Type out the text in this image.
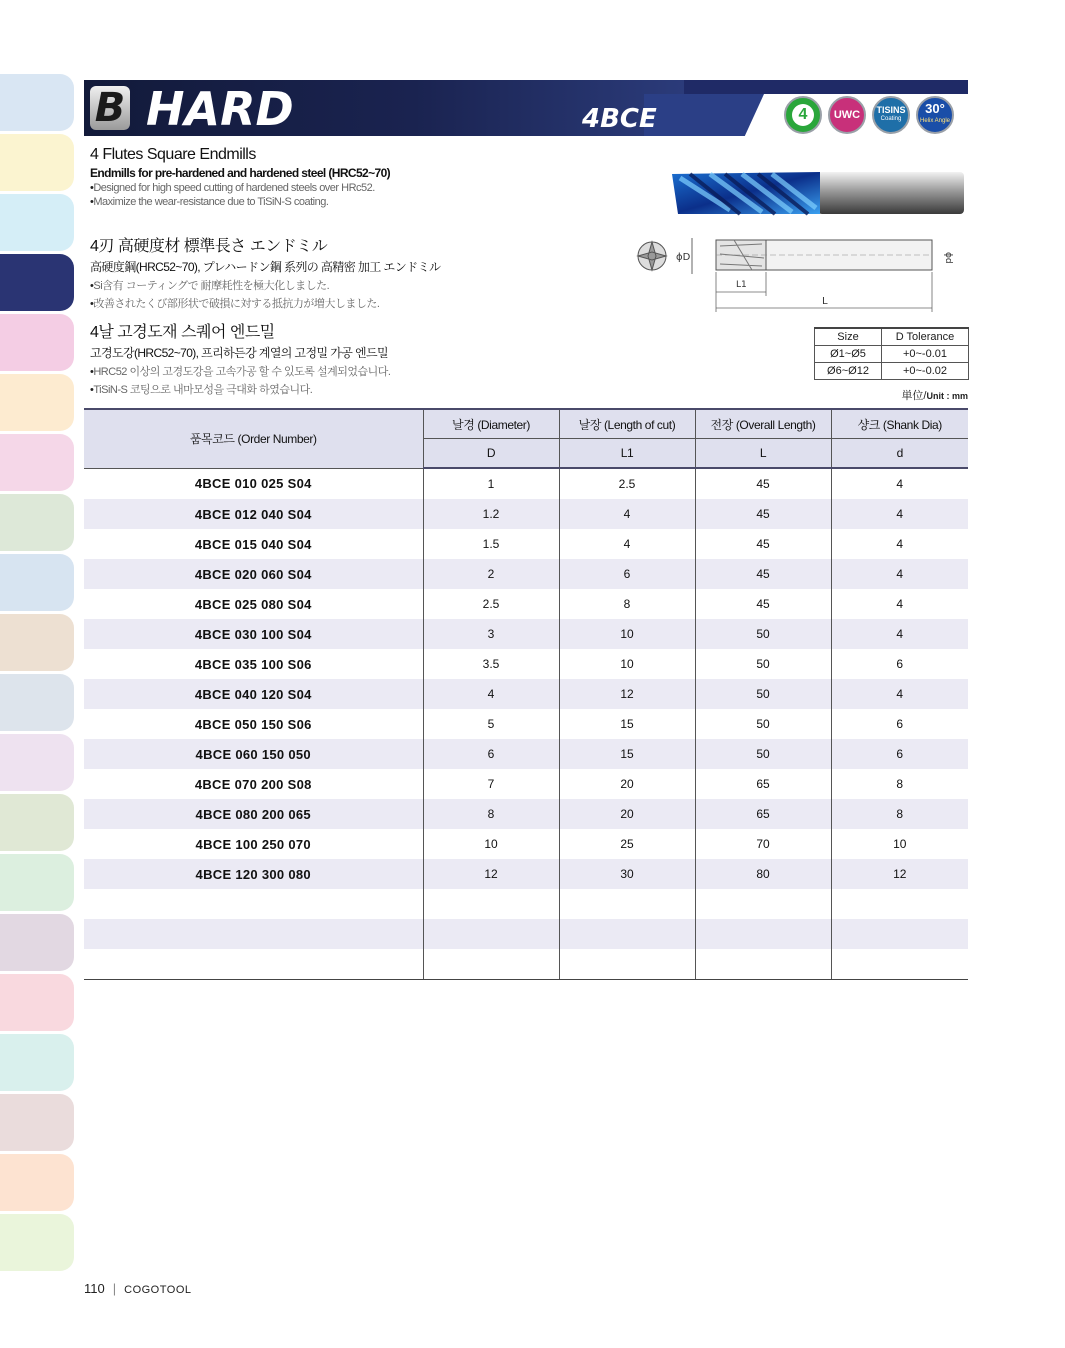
B HARD	4BCE	4	UWC	TISINS
Coating
30°
Helix Angle
4 Flutes Square Endmills
Endmills for pre-hardened and hardened steel (HRC52~70)
• Designed for high speed cutting of hardened steels over HRc52.
• Maximize the wear-resistance due to TiSiN-S coating.
4刃 高硬度材 標準長さ エンドミル
高硬度鋼(HRC52~70), プレハードン鋼 系列の 高精密 加工 エンドミル
• Si含有 コーティングで 耐摩耗性を極大化しました.
• 改善されたくび部形状で破損に対する抵抗力が増大しました.
4날 고경도재 스퀘어 엔드밀
고경도강(HRC52~70), 프리하든강 계열의 고정밀 가공 엔드밀
• HRC52 이상의 고경도강을 고속가공 할 수 있도록 설계되었습니다.
• TiSiN-S 코팅으로 내마모성을 극대화 하였습니다.
ϕD	ϕd
L1
L
Size	D Tolerance
Ø1~Ø5	+0~-0.01
Ø6~Ø12	+0~-0.02
単位/Unit : mm
품목코드 (Order Number)	날경 (Diameter)	날장 (Length of cut)	전장 (Overall Length)	샹크 (Shank Dia)
	D	L1	L	d
4BCE 010 025 S04	1	2.5	45	4
4BCE 012 040 S04	1.2	4	45	4
4BCE 015 040 S04	1.5	4	45	4
4BCE 020 060 S04	2	6	45	4
4BCE 025 080 S04	2.5	8	45	4
4BCE 030 100 S04	3	10	50	4
4BCE 035 100 S06	3.5	10	50	6
4BCE 040 120 S04	4	12	50	4
4BCE 050 150 S06	5	15	50	6
4BCE 060 150 050	6	15	50	6
4BCE 070 200 S08	7	20	65	8
4BCE 080 200 065	8	20	65	8
4BCE 100 250 070	10	25	70	10
4BCE 120 300 080	12	30	80	12

110 | COGOTOOL
